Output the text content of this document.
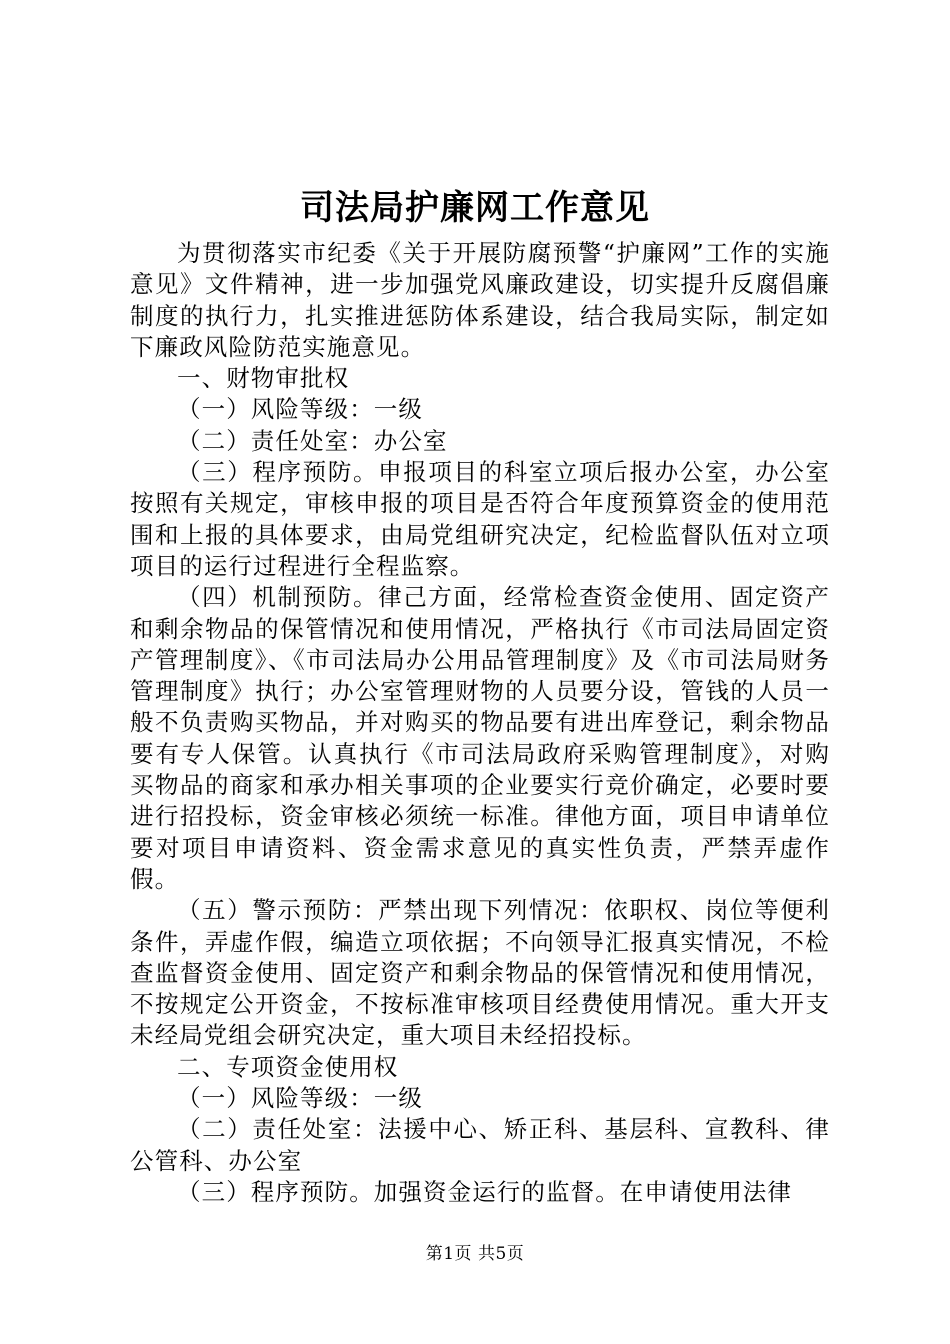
司法局护廉网工作意见

为贯彻落实市纪委《关于开展防腐预警“护廉网”工作的实施意见》文件精神，进一步加强党风廉政建设，切实提升反腐倡廉制度的执行力，扎实推进惩防体系建设，结合我局实际，制定如下廉政风险防范实施意见。

一、财物审批权

（一）风险等级：一级

（二）责任处室：办公室

（三）程序预防。申报项目的科室立项后报办公室，办公室按照有关规定，审核申报的项目是否符合年度预算资金的使用范围和上报的具体要求，由局党组研究决定，纪检监督队伍对立项项目的运行过程进行全程监察。

（四）机制预防。律己方面，经常检查资金使用、固定资产和剩余物品的保管情况和使用情况，严格执行《市司法局固定资产管理制度》、《市司法局办公用品管理制度》及《市司法局财务管理制度》执行；办公室管理财物的人员要分设，管钱的人员一般不负责购买物品，并对购买的物品要有进出库登记，剩余物品要有专人保管。认真执行《市司法局政府采购管理制度》，对购买物品的商家和承办相关事项的企业要实行竞价确定，必要时要进行招投标，资金审核必须统一标准。律他方面，项目申请单位要对项目申请资料、资金需求意见的真实性负责，严禁弄虚作假。

（五）警示预防：严禁出现下列情况：依职权、岗位等便利条件，弄虚作假，编造立项依据；不向领导汇报真实情况，不检查监督资金使用、固定资产和剩余物品的保管情况和使用情况，不按规定公开资金，不按标准审核项目经费使用情况。重大开支未经局党组会研究决定，重大项目未经招投标。

二、专项资金使用权

（一）风险等级：一级

（二）责任处室：法援中心、矫正科、基层科、宣教科、律公管科、办公室

（三）程序预防。加强资金运行的监督。在申请使用法律

第1页 共5页
